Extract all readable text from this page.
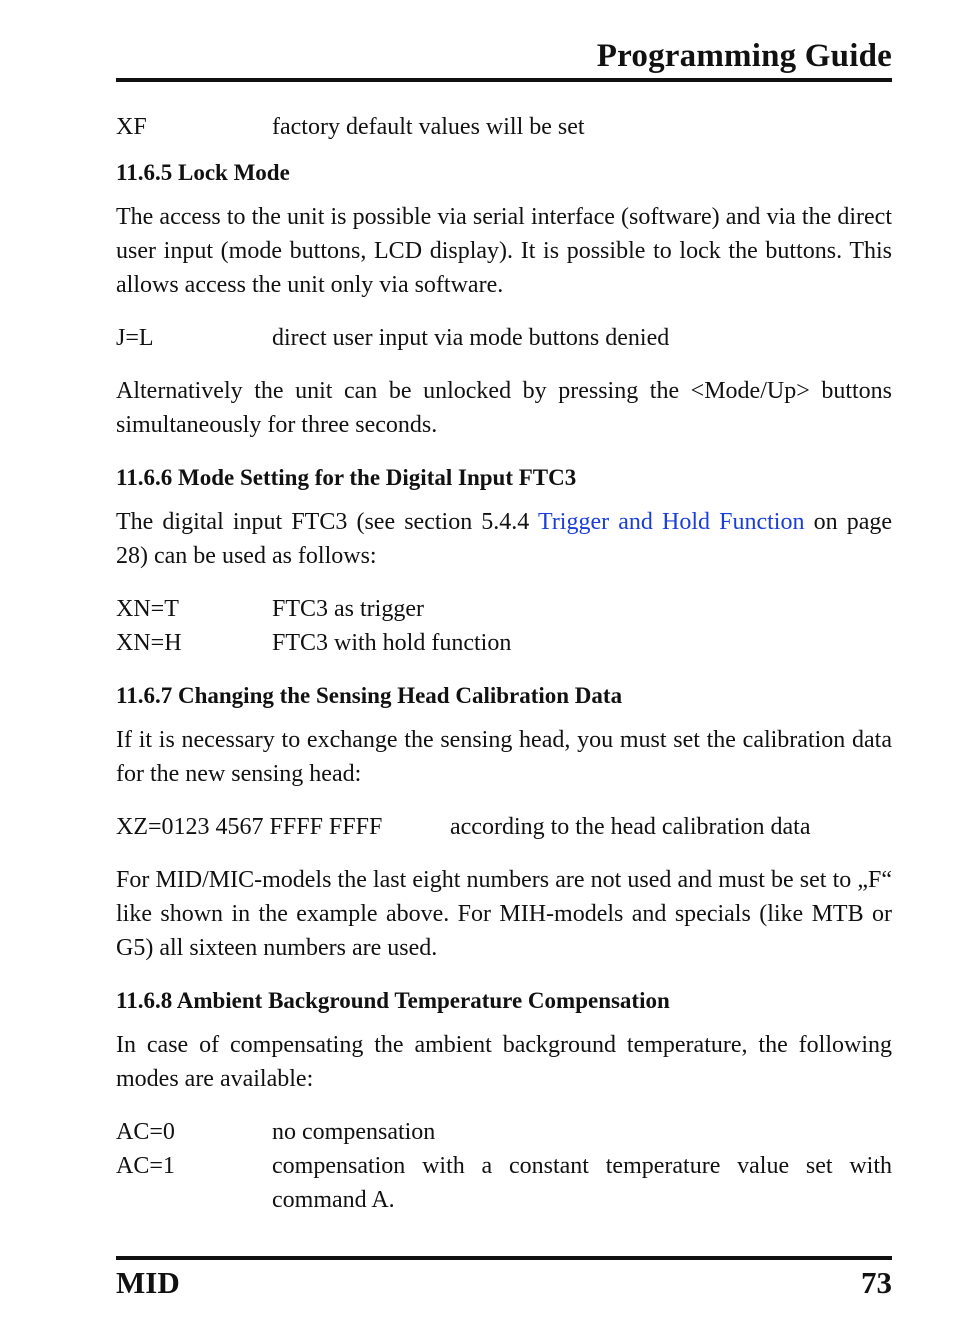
Programming Guide
XF	factory default values will be set
11.6.5 Lock Mode

The access to the unit is possible via serial interface (software) and via the direct user input (mode buttons, LCD display). It is possible to lock the buttons. This allows access the unit only via software.

J=L	direct user input via mode buttons denied

Alternatively the unit can be unlocked by pressing the <Mode/Up> buttons simultaneously for three seconds.

11.6.6 Mode Setting for the Digital Input FTC3

The digital input FTC3 (see section 5.4.4 Trigger and Hold Function on page 28) can be used as follows:

XN=T	FTC3 as trigger
XN=H	FTC3 with hold function
11.6.7 Changing the Sensing Head Calibration Data

If it is necessary to exchange the sensing head, you must set the calibration data for the new sensing head:

XZ=0123 4567 FFFF FFFF	according to the head calibration data

For MID/MIC-models the last eight numbers are not used and must be set to „F“ like shown in the example above. For MIH-models and specials (like MTB or G5) all sixteen numbers are used.

11.6.8 Ambient Background Temperature Compensation

In case of compensating the ambient background temperature, the following modes are available:

AC=0	no compensation
AC=1	compensation with a constant temperature value set with command A.
MID	73
